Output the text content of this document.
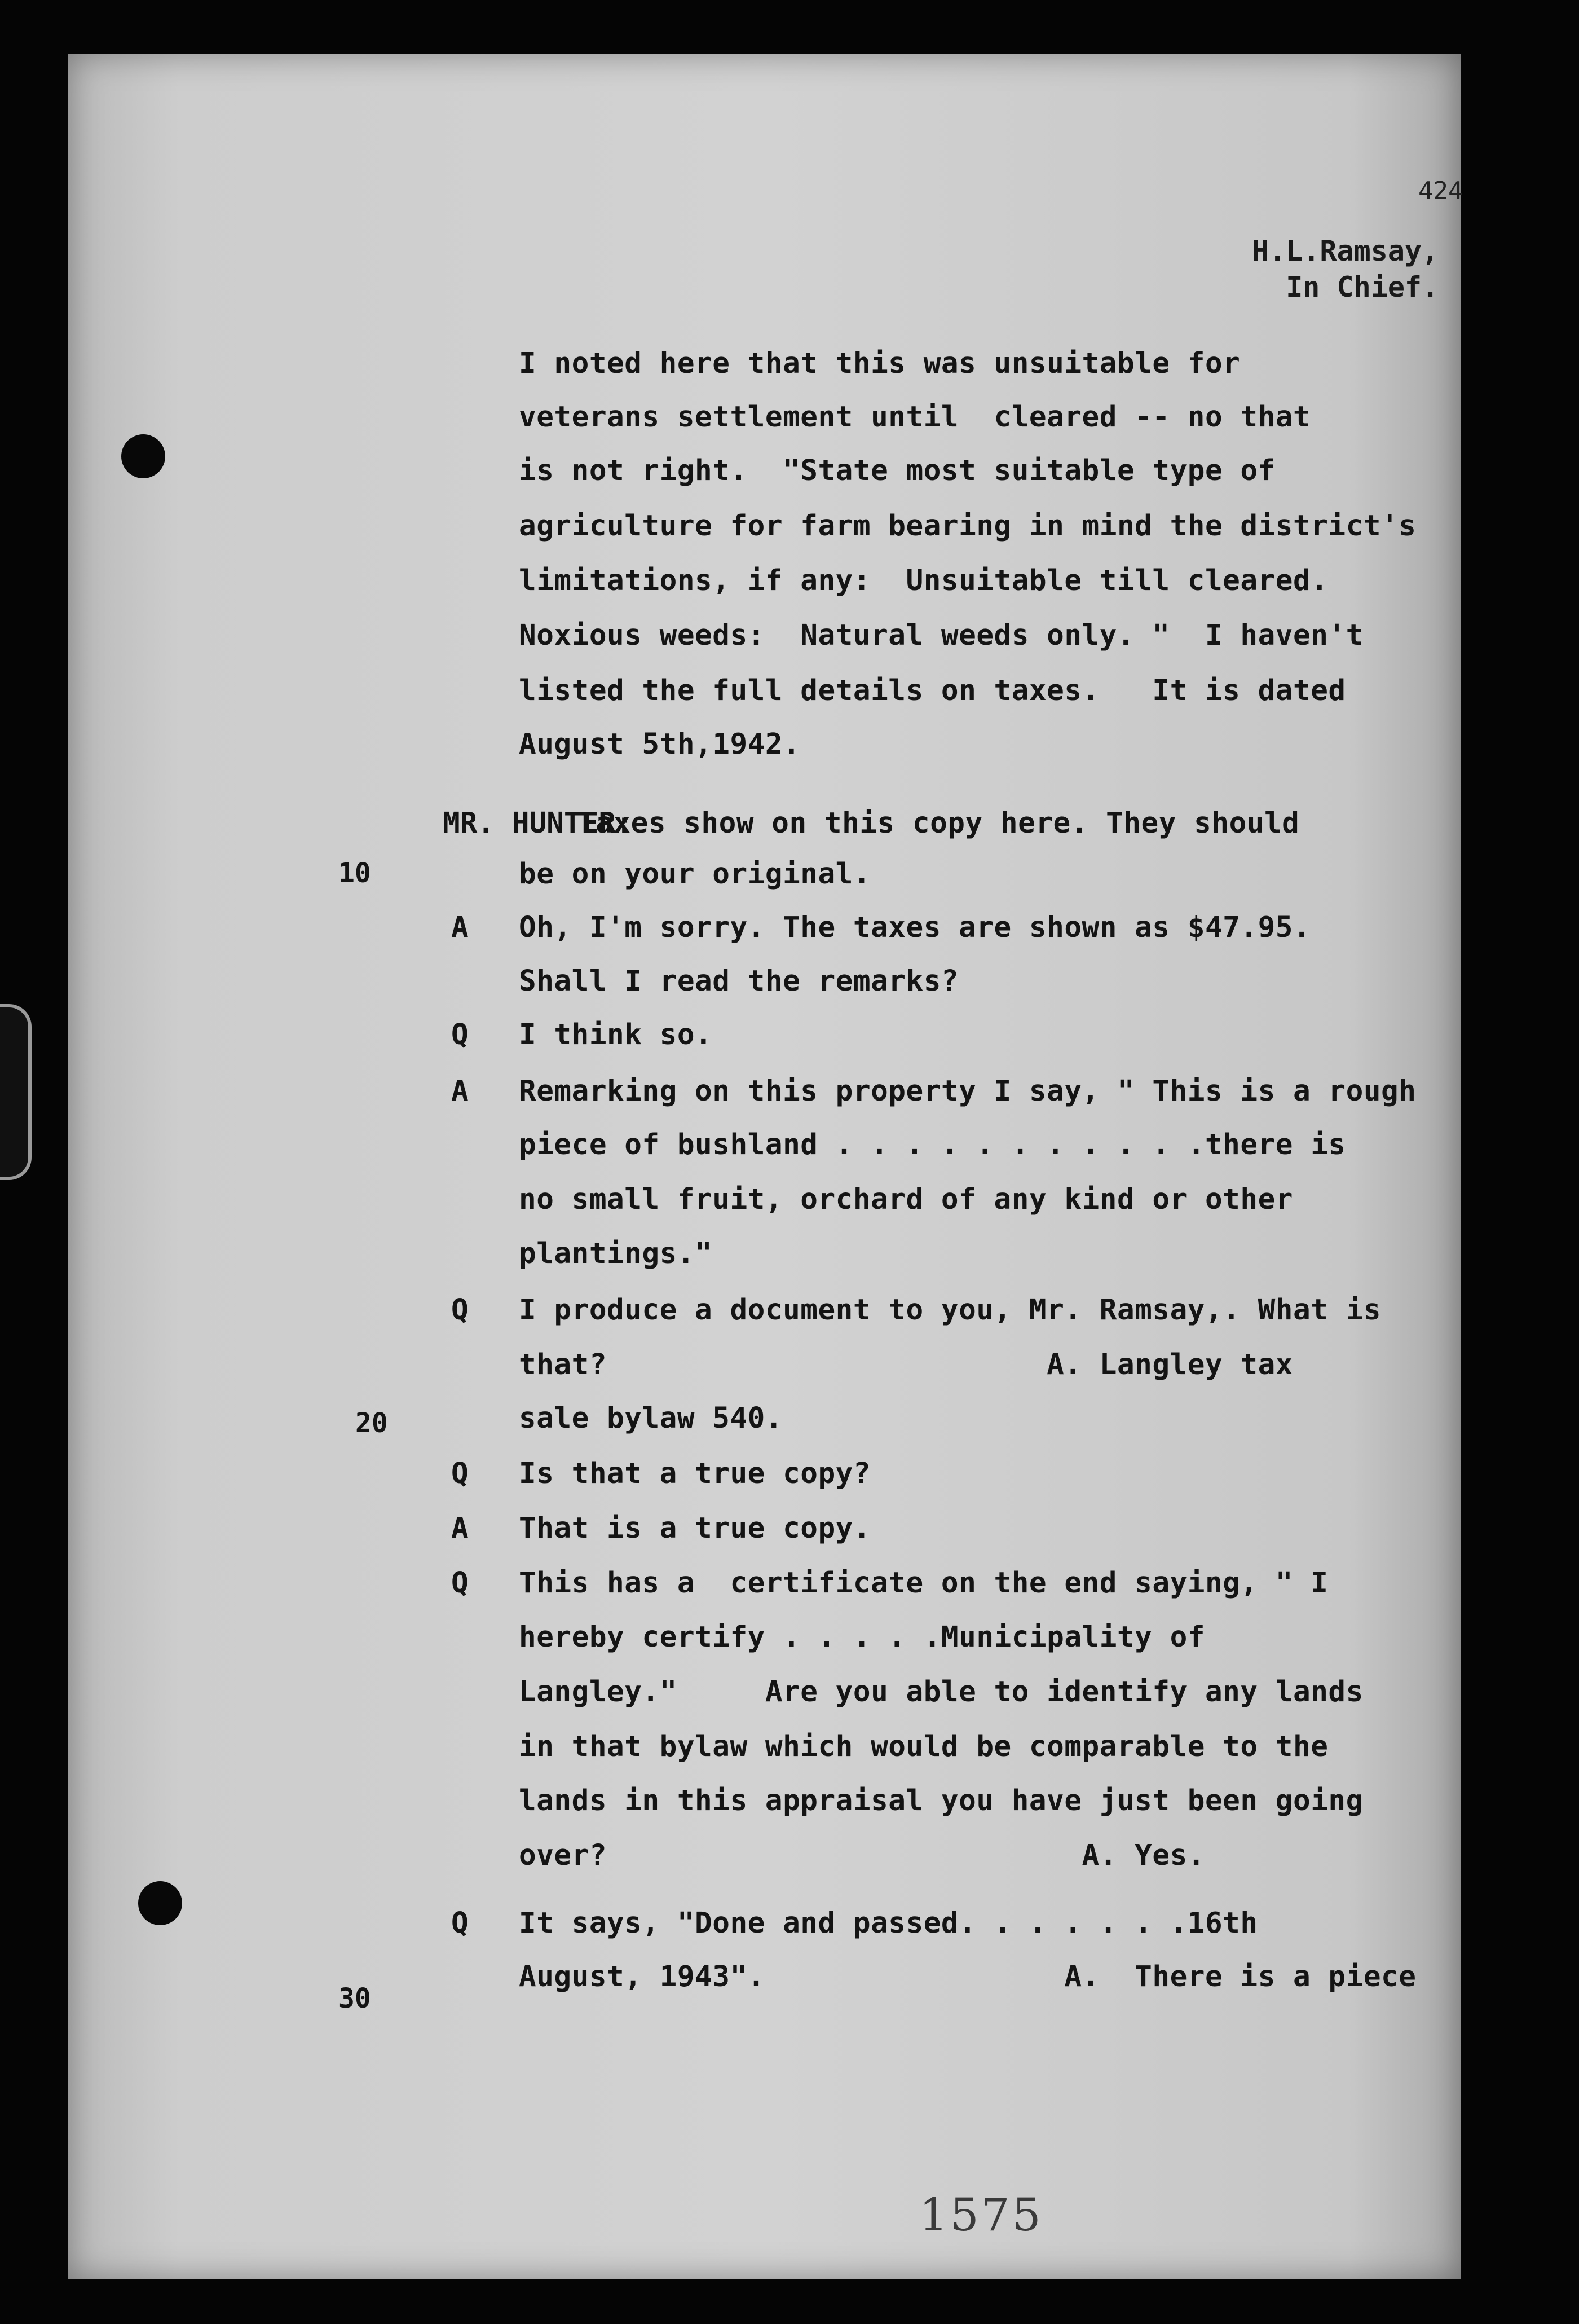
424
H.L.Ramsay,
In Chief.
I noted here that this was unsuitable for
veterans settlement until  cleared -- no that
is not right.  "State most suitable type of
agriculture for farm bearing in mind the district's
limitations, if any:  Unsuitable till cleared.
Noxious weeds:  Natural weeds only. "  I haven't
listed the full details on taxes.   It is dated
August 5th,1942.
MR. HUNTER:
Taxes show on this copy here. They should
be on your original.
A Oh, I'm sorry. The taxes are shown as $47.95.
Shall I read the remarks?
Q I think so.
A Remarking on this property I say, " This is a rough
piece of bushland . . . . . . . . . . .there is
no small fruit, orchard of any kind or other
plantings."
Q I produce a document to you, Mr. Ramsay,. What is
that?                         A. Langley tax
sale bylaw 540.
Q Is that a true copy?
A That is a true copy.
Q This has a  certificate on the end saying, " I
hereby certify . . . . .Municipality of
Langley."     Are you able to identify any lands
in that bylaw which would be comparable to the
lands in this appraisal you have just been going
over?                           A. Yes.
Q It says, "Done and passed. . . . . . .16th
August, 1943".                 A.  There is a piece
10
20
30
1575
